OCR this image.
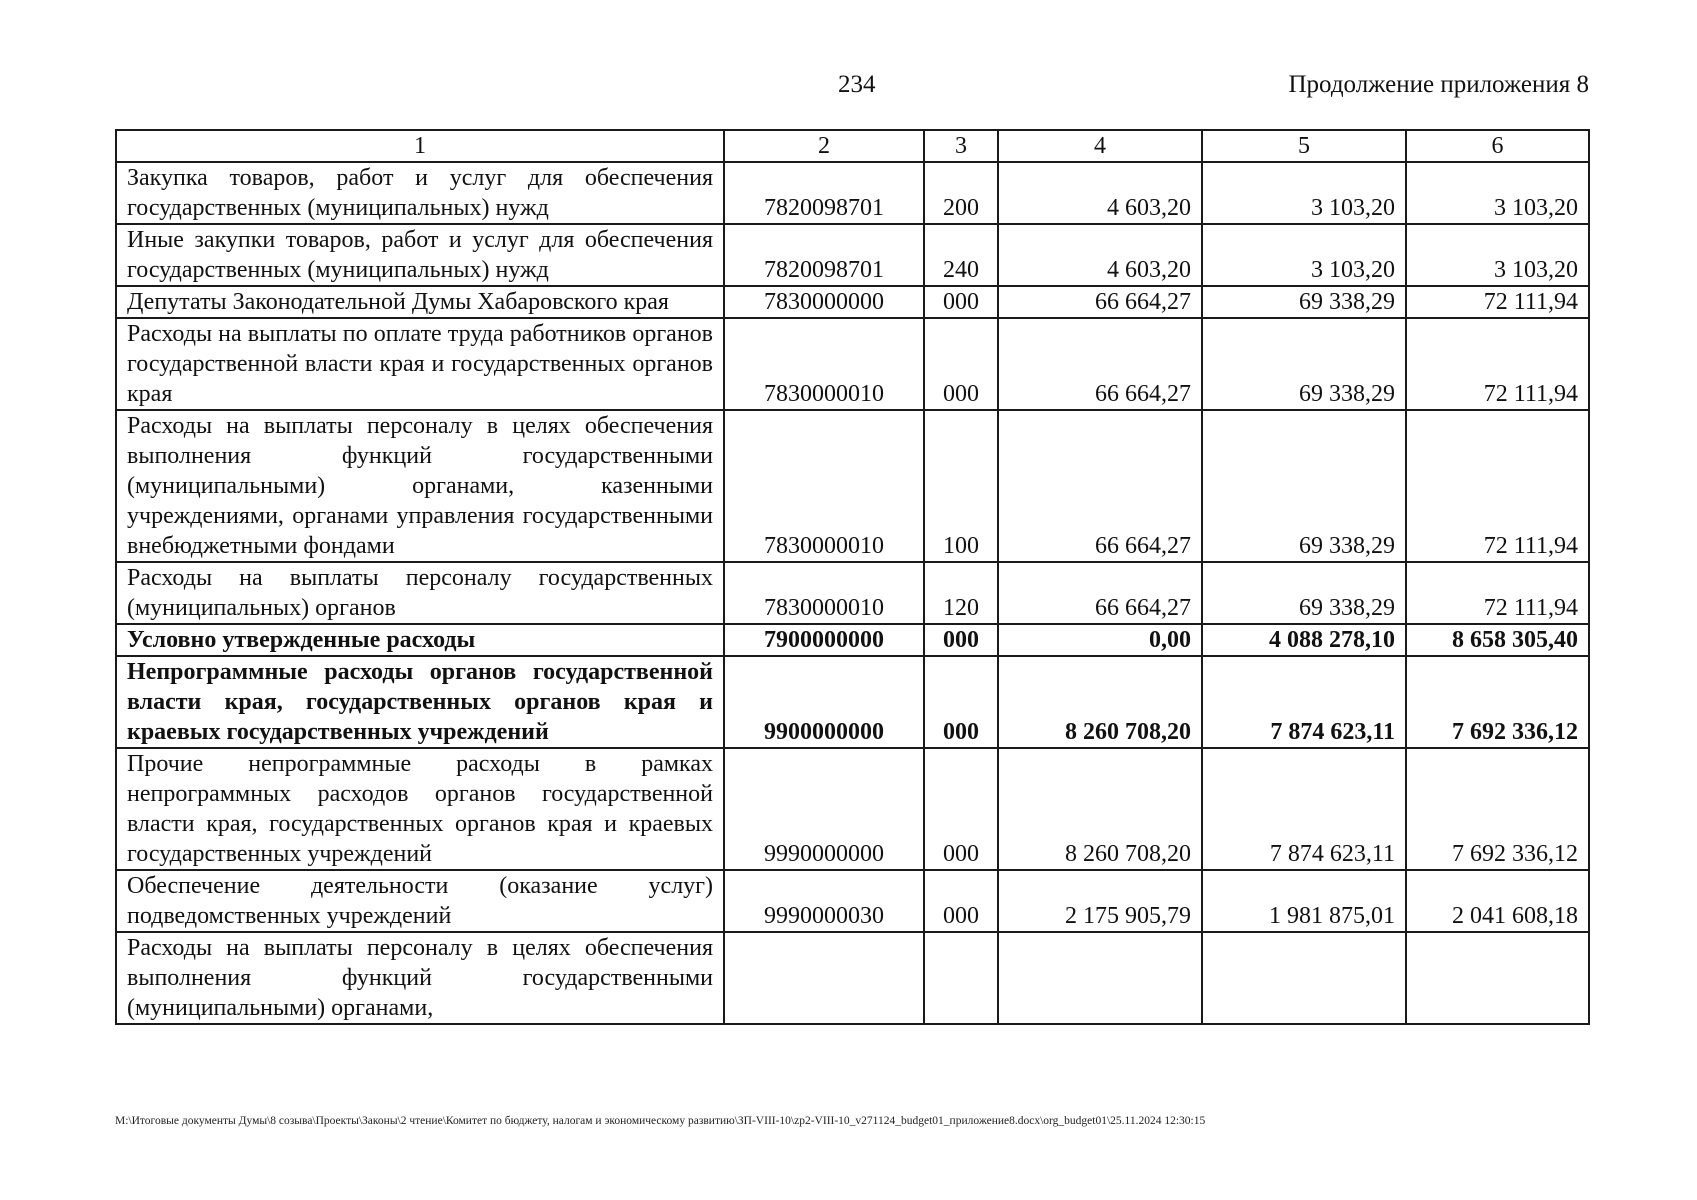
234	Продолжение приложения 8
1	2	3	4	5	6
Закупка товаров, работ и услуг для обеспечения государственных (муниципальных) нужд	7820098701	200	4 603,20	3 103,20	3 103,20
Иные закупки товаров, работ и услуг для обеспечения государственных (муниципальных) нужд	7820098701	240	4 603,20	3 103,20	3 103,20
Депутаты Законодательной Думы Хабаровского края	7830000000	000	66 664,27	69 338,29	72 111,94
Расходы на выплаты по оплате труда работников органов государственной власти края и государственных органов края	7830000010	000	66 664,27	69 338,29	72 111,94
Расходы на выплаты персоналу в целях обеспечения выполнения функций государственными (муниципальными) органами, казенными учреждениями, органами управления государственными внебюджетными фондами	7830000010	100	66 664,27	69 338,29	72 111,94
Расходы на выплаты персоналу государственных (муниципальных) органов	7830000010	120	66 664,27	69 338,29	72 111,94
Условно утвержденные расходы	7900000000	000	0,00	4 088 278,10	8 658 305,40
Непрограммные расходы органов государственной власти края, государственных органов края и краевых государственных учреждений	9900000000	000	8 260 708,20	7 874 623,11	7 692 336,12
Прочие непрограммные расходы в рамках непрограммных расходов органов государственной власти края, государственных органов края и краевых государственных учреждений	9990000000	000	8 260 708,20	7 874 623,11	7 692 336,12
Обеспечение деятельности (оказание услуг) подведомственных учреждений	9990000030	000	2 175 905,79	1 981 875,01	2 041 608,18
Расходы на выплаты персоналу в целях обеспечения выполнения функций государственными (муниципальными) органами,					
M:\Итоговые документы Думы\8 созыва\Проекты\Законы\2 чтение\Комитет по бюджету, налогам и экономическому развитию\ЗП-VIII-10\zp2-VIII-10_v271124_budget01_приложение8.docx\org_budget01\25.11.2024 12:30:15
